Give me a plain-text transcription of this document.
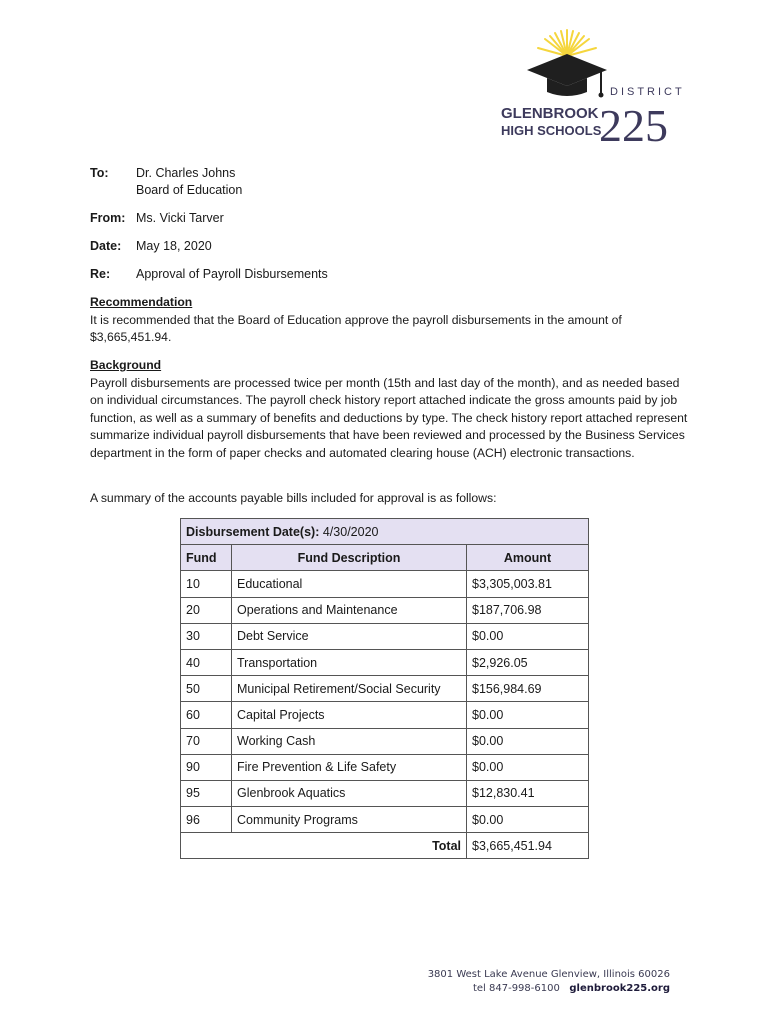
DISTRICT
GLENBROOK
HIGH SCHOOLS
225
To: Dr. Charles Johns
Board of Education
From: Ms. Vicki Tarver
Date: May 18, 2020
Re: Approval of Payroll Disbursements
Recommendation
It is recommended that the Board of Education approve the payroll disbursements in the amount of $3,665,451.94.
Background
Payroll disbursements are processed twice per month (15th and last day of the month), and as needed based on individual circumstances. The payroll check history report attached indicate the gross amounts paid by job function, as well as a summary of benefits and deductions by type. The check history report attached represent summarize individual payroll disbursements that have been reviewed and processed by the Business Services department in the form of paper checks and automated clearing house (ACH) electronic transactions.
A summary of the accounts payable bills included for approval is as follows:
Disbursement Date(s): 4/30/2020		
Fund	Fund Description	Amount
10	Educational	$3,305,003.81
20	Operations and Maintenance	$187,706.98
30	Debt Service	$0.00
40	Transportation	$2,926.05
50	Municipal Retirement/Social Security	$156,984.69
60	Capital Projects	$0.00
70	Working Cash	$0.00
90	Fire Prevention & Life Safety	$0.00
95	Glenbrook Aquatics	$12,830.41
96	Community Programs	$0.00
Total		$3,665,451.94
3801 West Lake Avenue Glenview, Illinois 60026
tel 847-998-6100 glenbrook225.org
